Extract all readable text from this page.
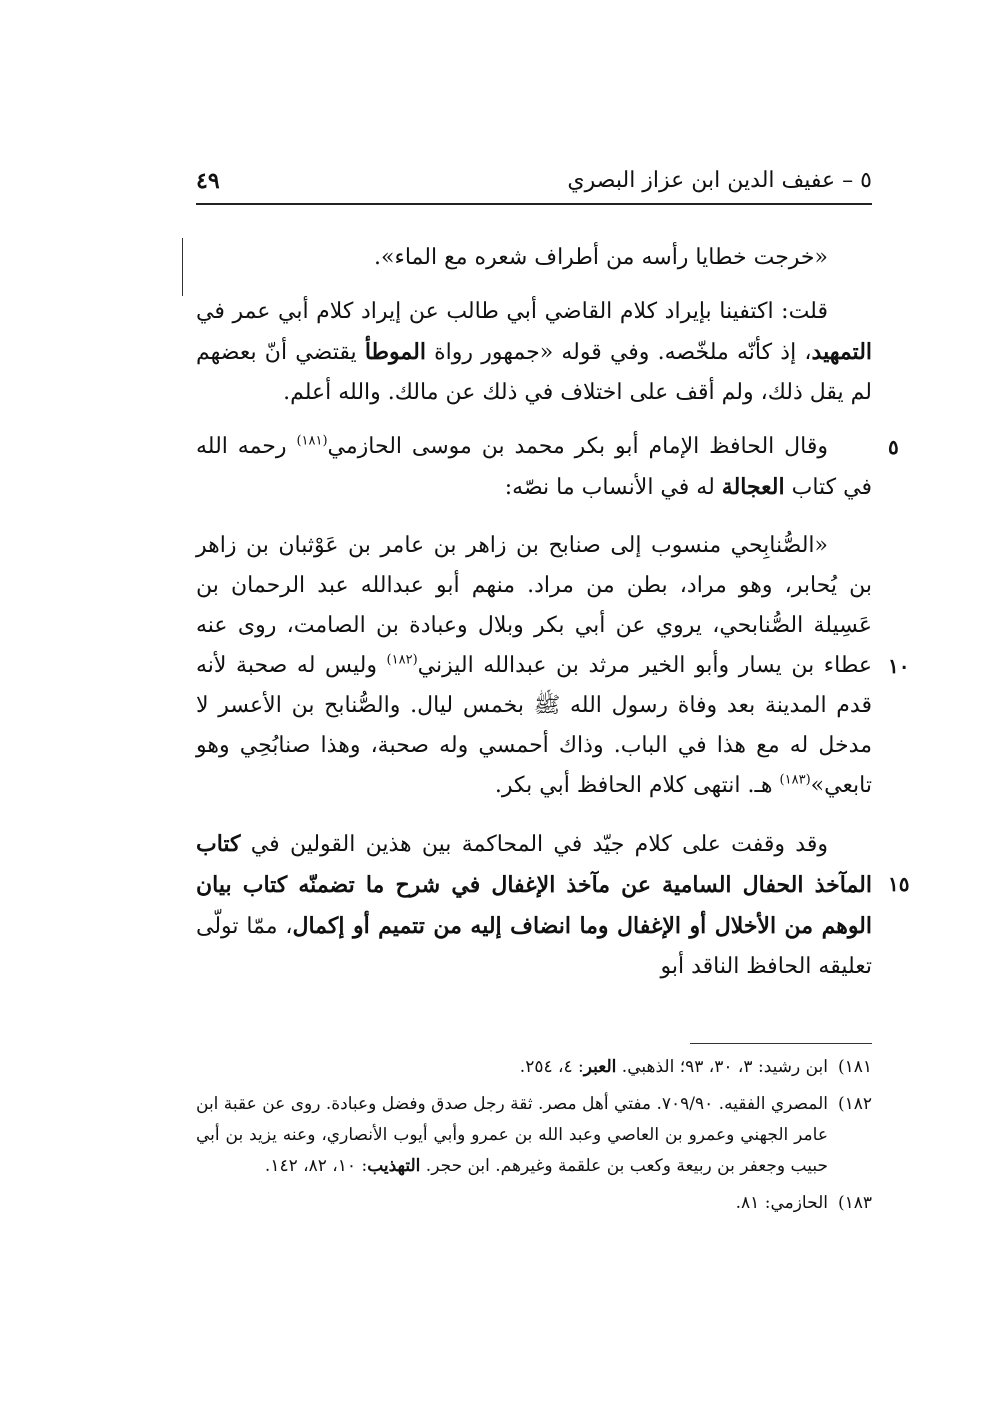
٥ – عفيف الدين ابن عزاز البصري
٤٩

«خرجت خطايا رأسه من أطراف شعره مع الماء».

قلت: اكتفينا بإيراد كلام القاضي أبي طالب عن إيراد كلام أبي عمر في التمهيد، إذ كأنّه ملخّصه. وفي قوله «جمهور رواة الموطأ يقتضي أنّ بعضهم لم يقل ذلك، ولم أقف على اختلاف في ذلك عن مالك. والله أعلم.

٥
وقال الحافظ الإمام أبو بكر محمد بن موسى الحازمي$^{(١٨١)}$ رحمه الله في كتاب العجالة له في الأنساب ما نصّه:

١٠
«الصُّنابِحي منسوب إلى صنابح بن زاهر بن عامر بن عَوْثبان بن زاهر بن يُحابر، وهو مراد، بطن من مراد. منهم أبو عبدالله عبد الرحمان بن عَسِيلة الصُّنابحي، يروي عن أبي بكر وبلال وعبادة بن الصامت، روى عنه عطاء بن يسار وأبو الخير مرثد بن عبدالله اليزني$^{(١٨٢)}$ وليس له صحبة لأنه قدم المدينة بعد وفاة رسول الله ﷺ بخمس ليال. والصُّنابح بن الأعسر لا مدخل له مع هذا في الباب. وذاك أحمسي وله صحبة، وهذا صنابُحِي وهو تابعي»$^{(١٨٣)}$ هـ. انتهى كلام الحافظ أبي بكر.

١٥
وقد وقفت على كلام جيّد في المحاكمة بين هذين القولين في كتاب المآخذ الحفال السامية عن مآخذ الإغفال في شرح ما تضمنّه كتاب بيان الوهم من الأخلال أو الإغفال وما انضاف إليه من تتميم أو إكمال، ممّا تولّى تعليقه الحافظ الناقد أبو

١٨١)
ابن رشيد: ٣، ٣٠، ٩٣؛ الذهبي. العبر: ٤، ٢٥٤.

١٨٢)
المصري الفقيه. ٧٠٩/٩٠. مفتي أهل مصر. ثقة رجل صدق وفضل وعبادة. روى عن عقبة ابن عامر الجهني وعمرو بن العاصي وعبد الله بن عمرو وأبي أيوب الأنصاري، وعنه يزيد بن أبي حبيب وجعفر بن ربيعة وكعب بن علقمة وغيرهم. ابن حجر. التهذيب: ١٠، ٨٢، ١٤٢.

١٨٣)
الحازمي: ٨١.
